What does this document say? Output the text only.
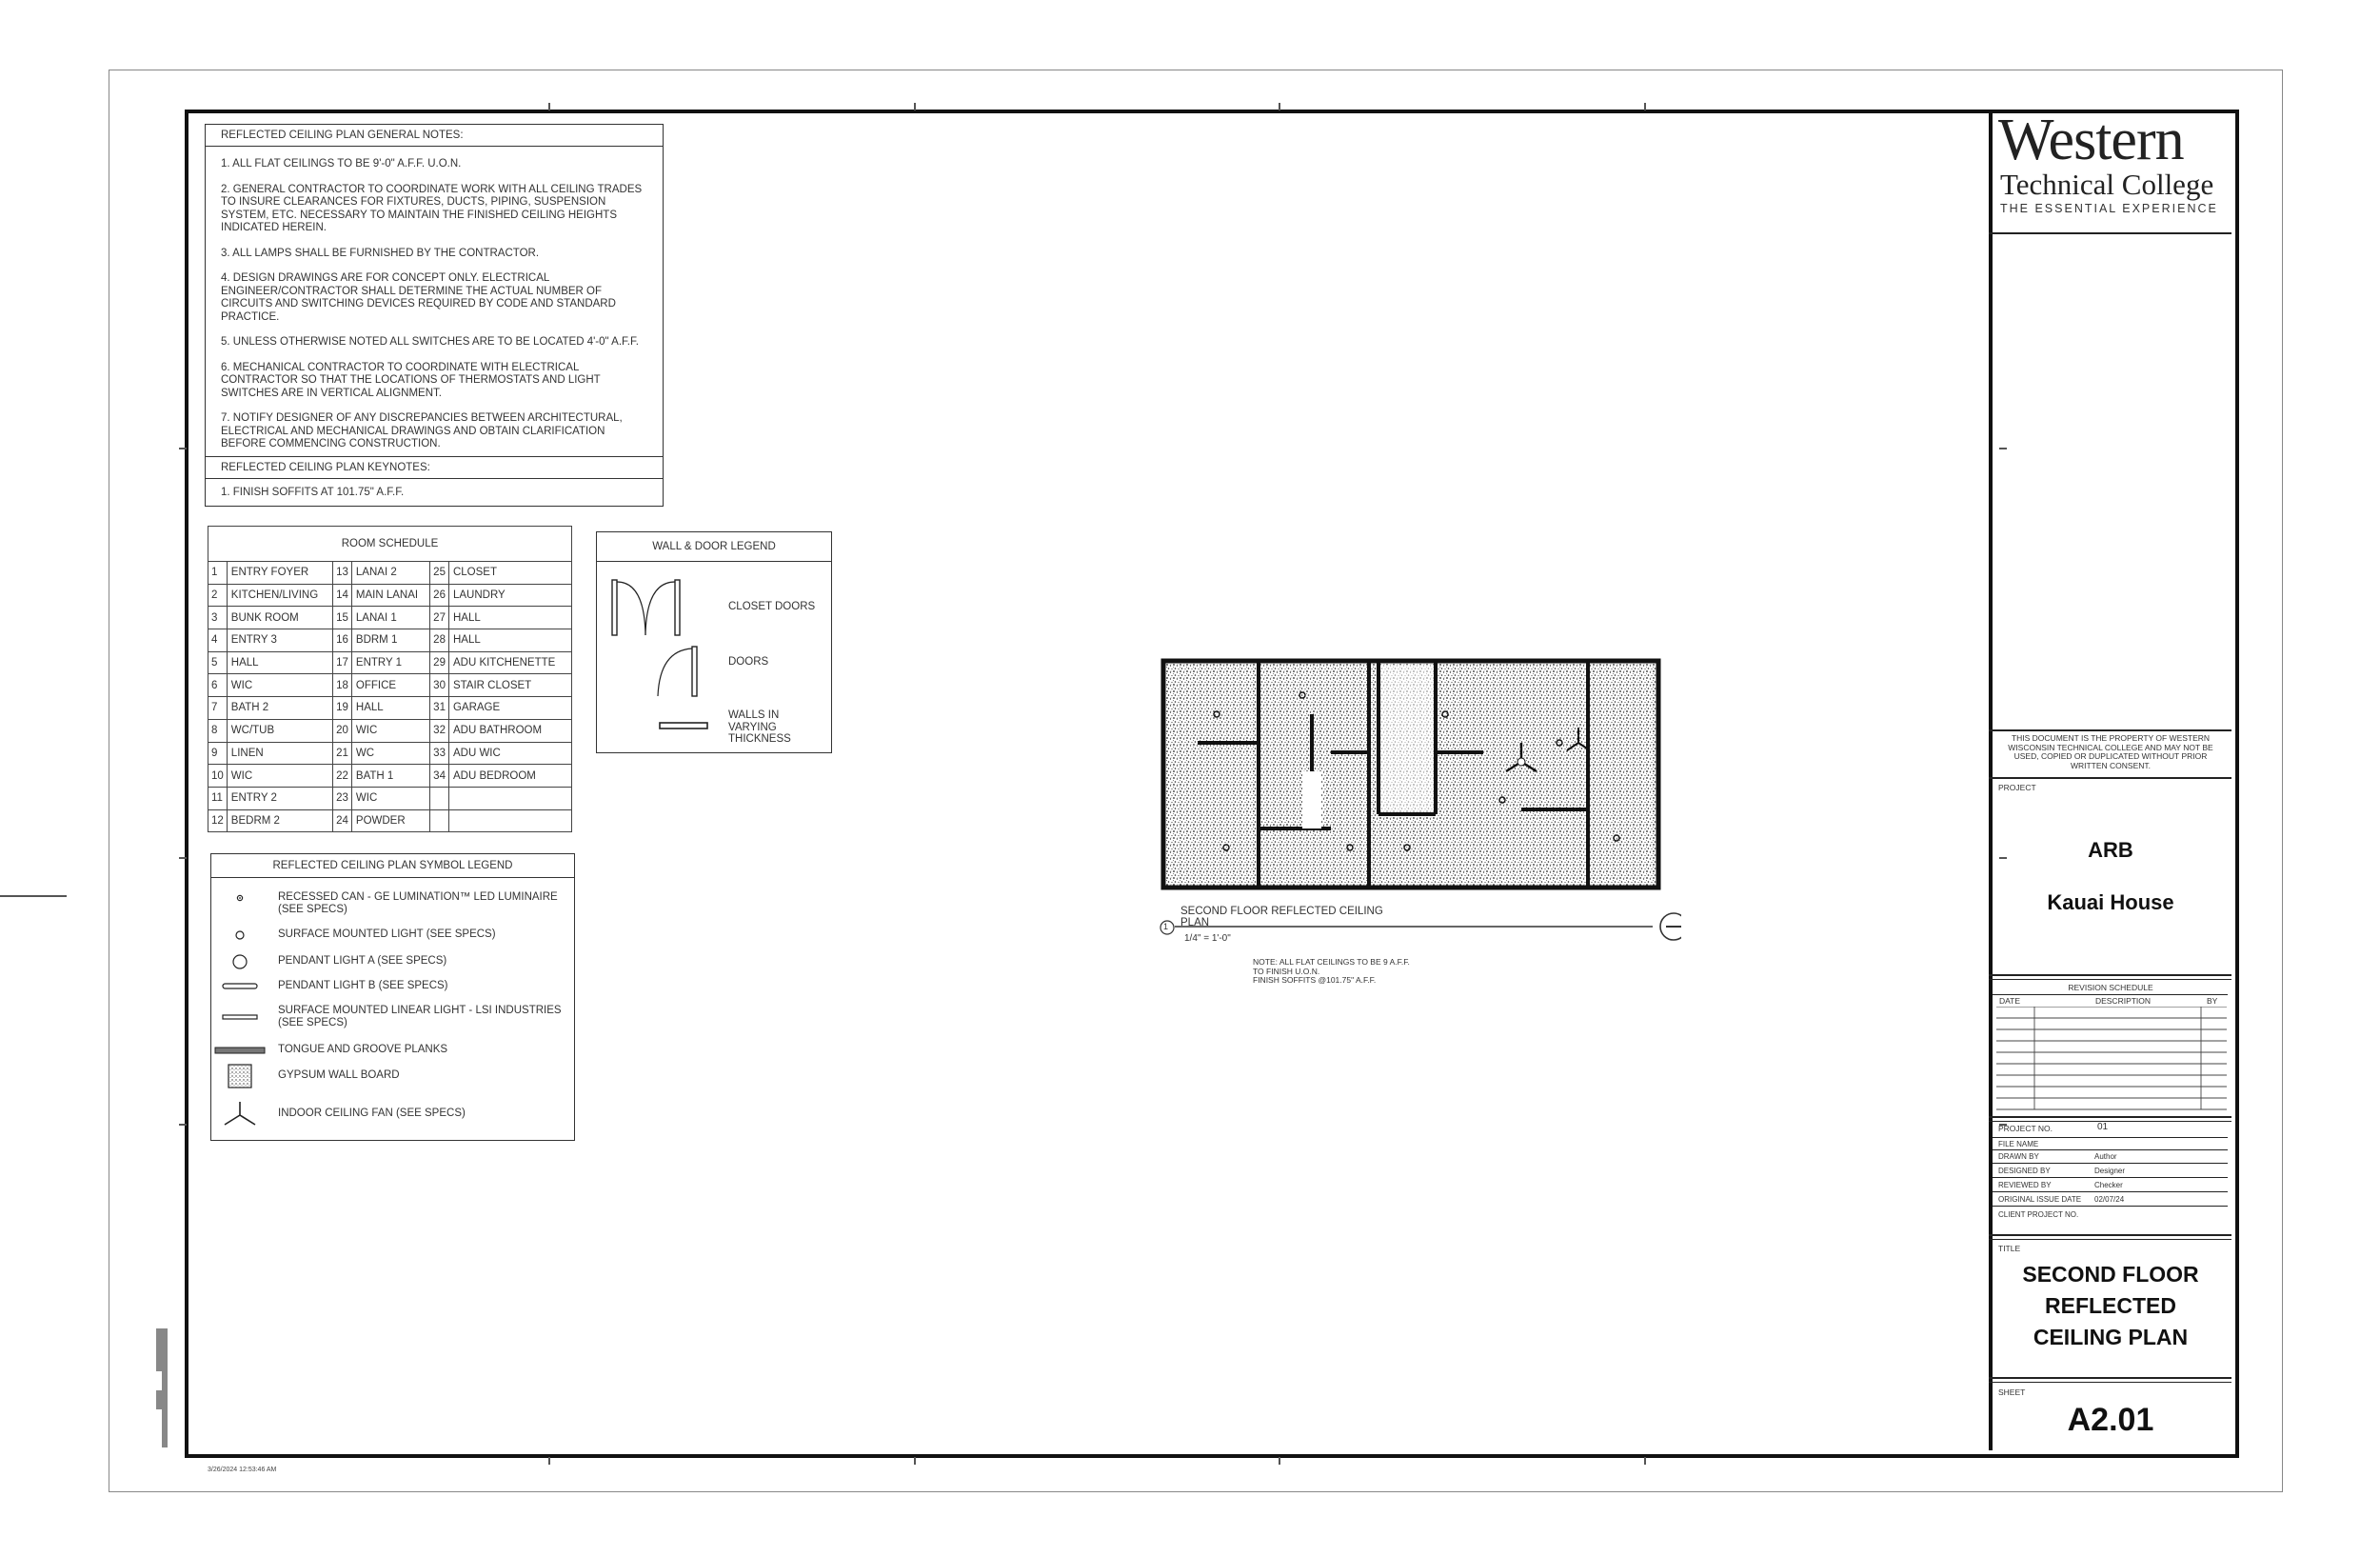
3/26/2024 12:53:46 AM
REFLECTED CEILING PLAN GENERAL NOTES:
1. ALL FLAT CEILINGS TO BE 9'-0" A.F.F. U.O.N.
2. GENERAL CONTRACTOR TO COORDINATE WORK WITH ALL CEILING TRADES
TO INSURE CLEARANCES FOR FIXTURES, DUCTS, PIPING, SUSPENSION
SYSTEM, ETC. NECESSARY TO MAINTAIN THE FINISHED CEILING HEIGHTS
INDICATED HEREIN.
3. ALL LAMPS SHALL BE FURNISHED BY THE CONTRACTOR.
4. DESIGN DRAWINGS ARE FOR CONCEPT ONLY. ELECTRICAL
ENGINEER/CONTRACTOR SHALL DETERMINE THE ACTUAL NUMBER OF
CIRCUITS AND SWITCHING DEVICES REQUIRED BY CODE AND STANDARD
PRACTICE.
5. UNLESS OTHERWISE NOTED ALL SWITCHES ARE TO BE LOCATED 4'-0" A.F.F.
6. MECHANICAL CONTRACTOR TO COORDINATE WITH ELECTRICAL
CONTRACTOR SO THAT THE LOCATIONS OF THERMOSTATS AND LIGHT
SWITCHES ARE IN VERTICAL ALIGNMENT.
7. NOTIFY DESIGNER OF ANY DISCREPANCIES BETWEEN ARCHITECTURAL,
ELECTRICAL AND MECHANICAL DRAWINGS AND OBTAIN CLARIFICATION
BEFORE COMMENCING CONSTRUCTION.
REFLECTED CEILING PLAN KEYNOTES:
1. FINISH SOFFITS AT 101.75" A.F.F.
ROOM SCHEDULE
1	ENTRY FOYER	13	LANAI 2	25	CLOSET
2	KITCHEN/LIVING	14	MAIN LANAI	26	LAUNDRY
3	BUNK ROOM	15	LANAI 1	27	HALL
4	ENTRY 3	16	BDRM 1	28	HALL
5	HALL	17	ENTRY 1	29	ADU KITCHENETTE
6	WIC	18	OFFICE	30	STAIR CLOSET
7	BATH 2	19	HALL	31	GARAGE
8	WC/TUB	20	WIC	32	ADU BATHROOM
9	LINEN	21	WC	33	ADU WIC
10	WIC	22	BATH 1	34	ADU BEDROOM
11	ENTRY 2	23	WIC		
12	BEDRM 2	24	POWDER		
WALL & DOOR LEGEND
CLOSET DOORS
DOORS
WALLS IN
VARYING
THICKNESS
REFLECTED CEILING PLAN SYMBOL LEGEND
RECESSED CAN - GE LUMINATION™ LED LUMINAIRE
(SEE SPECS)
SURFACE MOUNTED LIGHT (SEE SPECS)
PENDANT LIGHT A (SEE SPECS)
PENDANT LIGHT B (SEE SPECS)
SURFACE MOUNTED LINEAR LIGHT - LSI INDUSTRIES
(SEE SPECS)
TONGUE AND GROOVE PLANKS
GYPSUM WALL BOARD
INDOOR CEILING FAN (SEE SPECS)
1
SECOND FLOOR REFLECTED CEILING
PLAN
1/4" = 1'-0"
NOTE: ALL FLAT CEILINGS TO BE 9 A.F.F.
TO FINISH U.O.N.
FINISH SOFFITS @101.75" A.F.F.
Western
Technical College
THE ESSENTIAL EXPERIENCE
THIS DOCUMENT IS THE PROPERTY OF WESTERN
WISCONSIN TECHNICAL COLLEGE AND MAY NOT BE
USED, COPIED OR DUPLICATED WITHOUT PRIOR
WRITTEN CONSENT.
PROJECT
ARB
Kauai House
REVISION SCHEDULE
DATE	DESCRIPTION	BY
PROJECT NO.	01
FILE NAME
DRAWN BY	Author
DESIGNED BY	Designer
REVIEWED BY	Checker
ORIGINAL ISSUE DATE 02/07/24
CLIENT PROJECT NO.
TITLE
SECOND FLOOR
REFLECTED
CEILING PLAN
SHEET
A2.01
